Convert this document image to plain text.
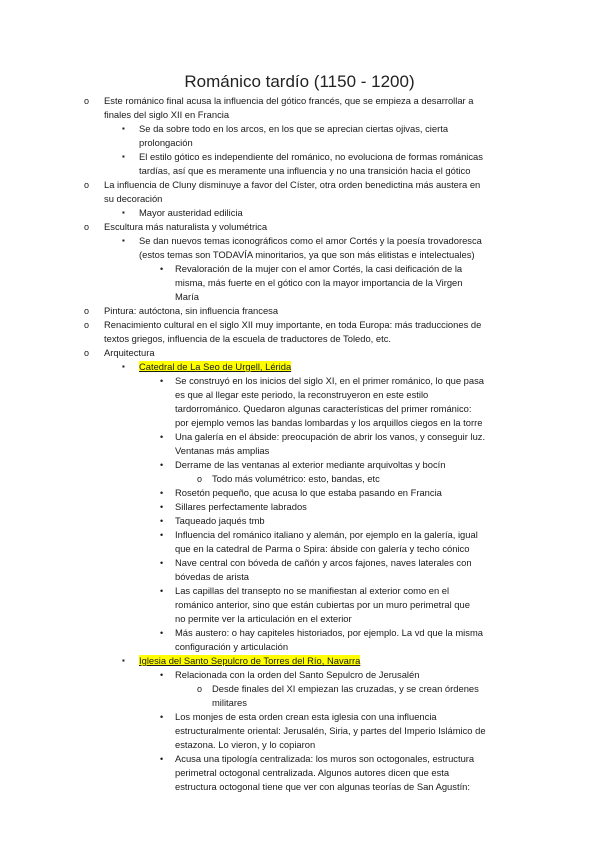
Románico tardío (1150 - 1200)
o Este románico final acusa la influencia del gótico francés, que se empieza a desarrollar a
finales del siglo XII en Francia
▪ Se da sobre todo en los arcos, en los que se aprecian ciertas ojivas, cierta
prolongación
▪ El estilo gótico es independiente del románico, no evoluciona de formas románicas
tardías, así que es meramente una influencia y no una transición hacia el gótico
o La influencia de Cluny disminuye a favor del Císter, otra orden benedictina más austera en
su decoración
▪ Mayor austeridad edilicia
o Escultura más naturalista y volumétrica
▪ Se dan nuevos temas iconográficos como el amor Cortés y la poesía trovadoresca
(estos temas son TODAVÍA minoritarios, ya que son más elitistas e intelectuales)
• Revaloración de la mujer con el amor Cortés, la casi deificación de la
misma, más fuerte en el gótico con la mayor importancia de la Virgen
María
o Pintura: autóctona, sin influencia francesa
o Renacimiento cultural en el siglo XII muy importante, en toda Europa: más traducciones de
textos griegos, influencia de la escuela de traductores de Toledo, etc.
o Arquitectura
▪ Catedral de La Seo de Urgell, Lérida
• Se construyó en los inicios del siglo XI, en el primer románico, lo que pasa
es que al llegar este periodo, la reconstruyeron en este estilo
tardorrománico. Quedaron algunas características del primer románico:
por ejemplo vemos las bandas lombardas y los arquillos ciegos en la torre
• Una galería en el ábside: preocupación de abrir los vanos, y conseguir luz.
Ventanas más amplias
• Derrame de las ventanas al exterior mediante arquivoltas y bocín
o Todo más volumétrico: esto, bandas, etc
• Rosetón pequeño, que acusa lo que estaba pasando en Francia
• Sillares perfectamente labrados
• Taqueado jaqués tmb
• Influencia del románico italiano y alemán, por ejemplo en la galería, igual
que en la catedral de Parma o Spira: ábside con galería y techo cónico
• Nave central con bóveda de cañón y arcos fajones, naves laterales con
bóvedas de arista
• Las capillas del transepto no se manifiestan al exterior como en el
románico anterior, sino que están cubiertas por un muro perimetral que
no permite ver la articulación en el exterior
• Más austero: o hay capiteles historiados, por ejemplo. La vd que la misma
configuración y articulación
▪ Iglesia del Santo Sepulcro de Torres del Río, Navarra
• Relacionada con la orden del Santo Sepulcro de Jerusalén
o Desde finales del XI empiezan las cruzadas, y se crean órdenes
militares
• Los monjes de esta orden crean esta iglesia con una influencia
estructuralmente oriental: Jerusalén, Siria, y partes del Imperio Islámico de
estazona. Lo vieron, y lo copiaron
• Acusa una tipología centralizada: los muros son octogonales, estructura
perimetral octogonal centralizada. Algunos autores dicen que esta
estructura octogonal tiene que ver con algunas teorías de San Agustín:
